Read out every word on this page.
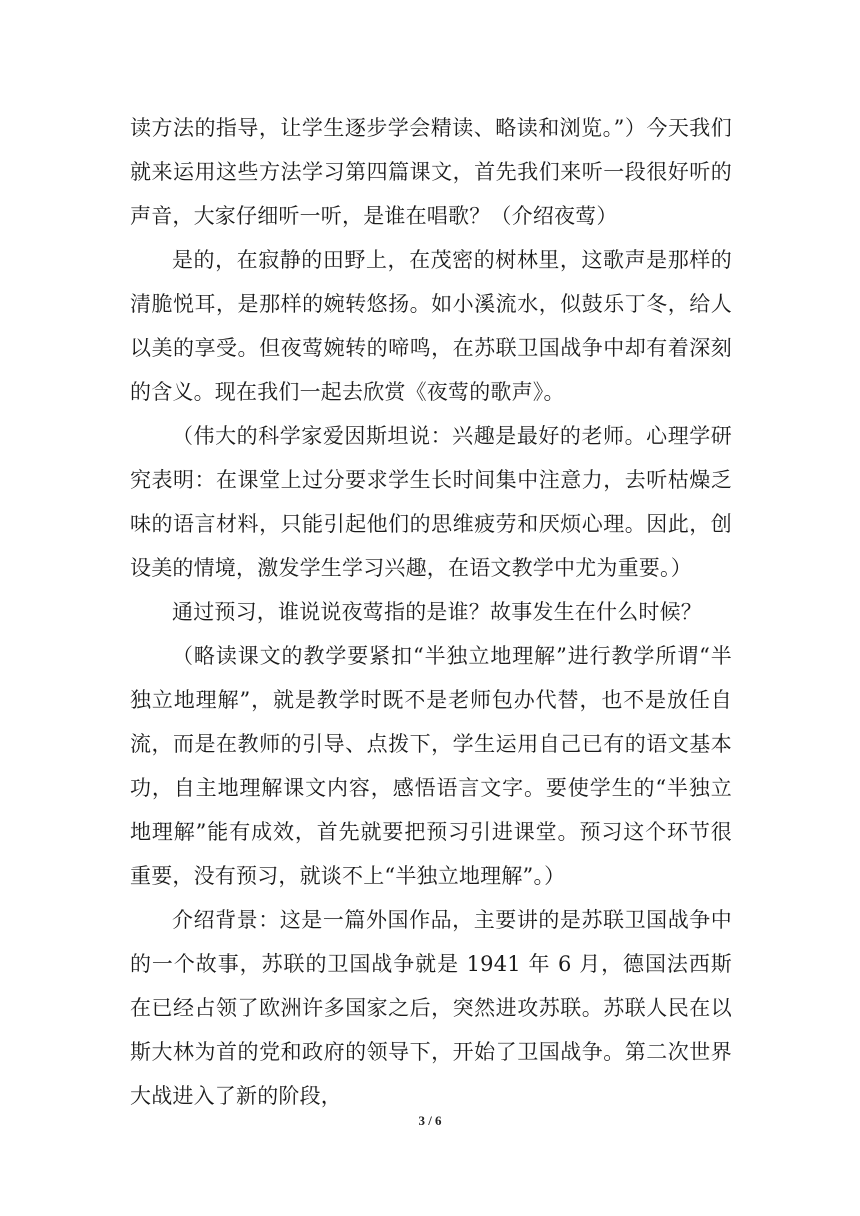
读方法的指导，让学生逐步学会精读、略读和浏览。”）今天我们就来运用这些方法学习第四篇课文，首先我们来听一段很好听的声音，大家仔细听一听，是谁在唱歌？（介绍夜莺）

是的，在寂静的田野上，在茂密的树林里，这歌声是那样的清脆悦耳，是那样的婉转悠扬。如小溪流水，似鼓乐丁冬，给人以美的享受。但夜莺婉转的啼鸣，在苏联卫国战争中却有着深刻的含义。现在我们一起去欣赏《夜莺的歌声》。

（伟大的科学家爱因斯坦说：兴趣是最好的老师。心理学研究表明：在课堂上过分要求学生长时间集中注意力，去听枯燥乏味的语言材料，只能引起他们的思维疲劳和厌烦心理。因此，创设美的情境，激发学生学习兴趣，在语文教学中尤为重要。）

通过预习，谁说说夜莺指的是谁？故事发生在什么时候？

（略读课文的教学要紧扣“半独立地理解”进行教学所谓“半独立地理解”，就是教学时既不是老师包办代替，也不是放任自流，而是在教师的引导、点拨下，学生运用自己已有的语文基本功，自主地理解课文内容，感悟语言文字。要使学生的“半独立地理解”能有成效，首先就要把预习引进课堂。预习这个环节很重要，没有预习，就谈不上“半独立地理解”。）

介绍背景：这是一篇外国作品，主要讲的是苏联卫国战争中的一个故事，苏联的卫国战争就是 1941 年 6 月，德国法西斯在已经占领了欧洲许多国家之后，突然进攻苏联。苏联人民在以斯大林为首的党和政府的领导下，开始了卫国战争。第二次世界大战进入了新的阶段，

3 / 6
